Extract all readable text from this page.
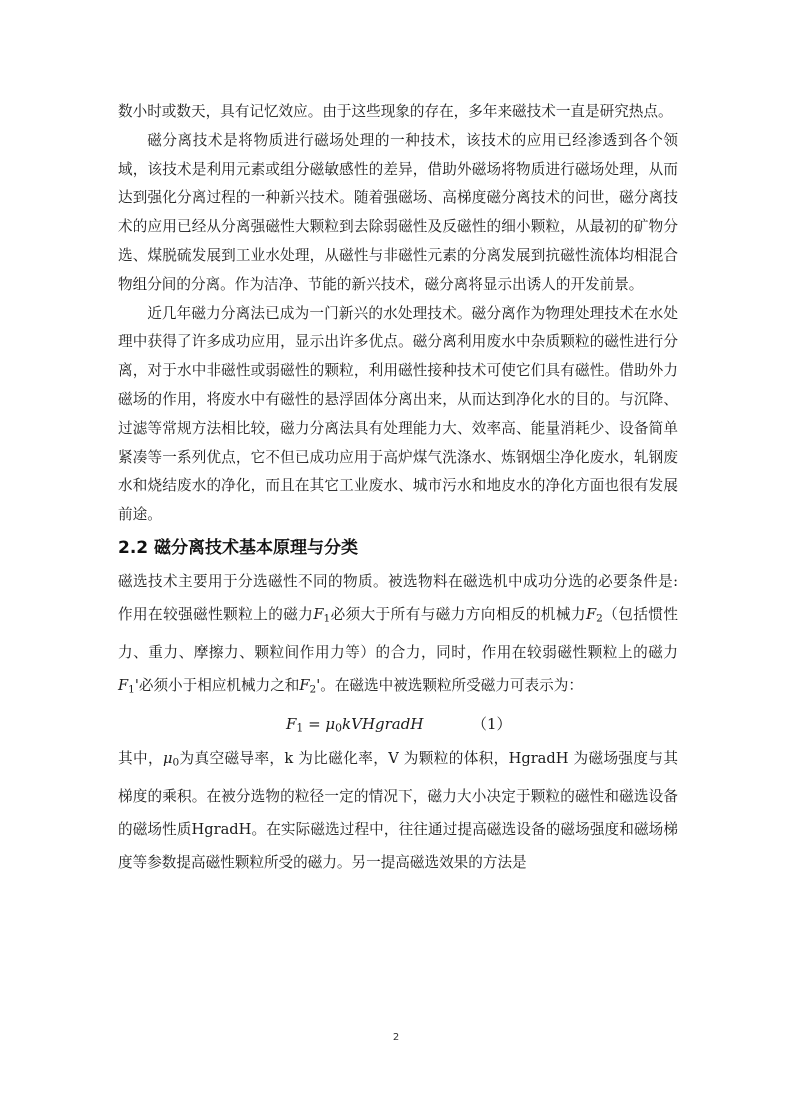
数小时或数天，具有记忆效应。由于这些现象的存在，多年来磁技术一直是研究热点。

磁分离技术是将物质进行磁场处理的一种技术，该技术的应用已经渗透到各个领域，该技术是利用元素或组分磁敏感性的差异，借助外磁场将物质进行磁场处理，从而达到强化分离过程的一种新兴技术。随着强磁场、高梯度磁分离技术的问世，磁分离技术的应用已经从分离强磁性大颗粒到去除弱磁性及反磁性的细小颗粒，从最初的矿物分选、煤脱硫发展到工业水处理，从磁性与非磁性元素的分离发展到抗磁性流体均相混合物组分间的分离。作为洁净、节能的新兴技术，磁分离将显示出诱人的开发前景。

近几年磁力分离法已成为一门新兴的水处理技术。磁分离作为物理处理技术在水处理中获得了许多成功应用，显示出许多优点。磁分离利用废水中杂质颗粒的磁性进行分离，对于水中非磁性或弱磁性的颗粒，利用磁性接种技术可使它们具有磁性。借助外力磁场的作用，将废水中有磁性的悬浮固体分离出来，从而达到净化水的目的。与沉降、过滤等常规方法相比较，磁力分离法具有处理能力大、效率高、能量消耗少、设备简单紧凑等一系列优点，它不但已成功应用于高炉煤气洗涤水、炼钢烟尘净化废水，轧钢废水和烧结废水的净化，而且在其它工业废水、城市污水和地皮水的净化方面也很有发展前途。

2.2 磁分离技术基本原理与分类

磁选技术主要用于分选磁性不同的物质。被选物料在磁选机中成功分选的必要条件是: 作用在较强磁性颗粒上的磁力$F_1$必须大于所有与磁力方向相反的机械力$F_2$（包括惯性力、重力、摩擦力、颗粒间作用力等）的合力，同时，作用在较弱磁性颗粒上的磁力$F_1'$必须小于相应机械力之和$F_2'$。在磁选中被选颗粒所受磁力可表示为：

$F_1$ = $\mu_0kVHgradH$	（1）

其中，$\mu_0$为真空磁导率，k 为比磁化率，V 为颗粒的体积，HgradH 为磁场强度与其梯度的乘积。在被分选物的粒径一定的情况下，磁力大小决定于颗粒的磁性和磁选设备的磁场性质HgradH。在实际磁选过程中，往往通过提高磁选设备的磁场强度和磁场梯度等参数提高磁性颗粒所受的磁力。另一提高磁选效果的方法是

2
